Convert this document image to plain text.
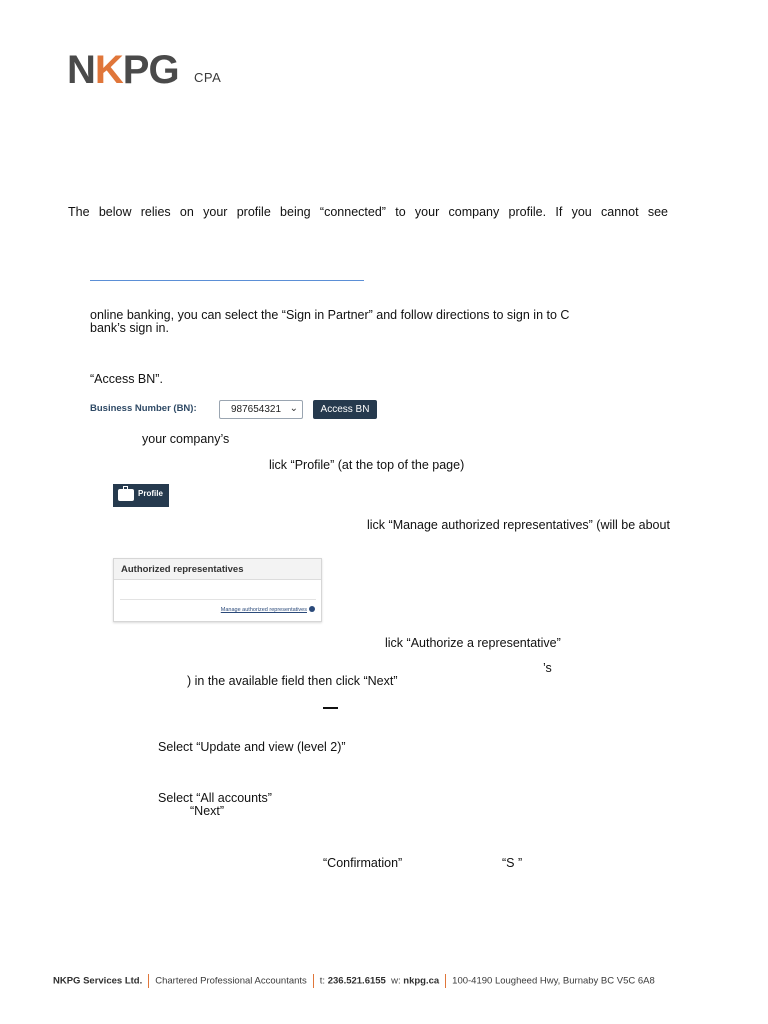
NKPG CPA
The below relies on your profile being “connected” to your company profile. If you cannot see
online banking, you can select the “Sign in Partner” and follow directions to sign in to C
bank’s sign in.
“Access BN”.
Business Number (BN):	987654321 ⌄	Access BN
your company’s
lick “Profile” (at the top of the page)
Profile
lick “Manage authorized representatives” (will be about
Authorized representatives
Manage authorized representatives
lick “Authorize a representative”
’s
) in the available field then click “Next”
Select “Update and view (level 2)”
Select “All accounts”
“Next”
“Confirmation”	“S ”
NKPG Services Ltd. Chartered Professional Accountants t: 236.521.6155 w: nkpg.ca 100-4190 Lougheed Hwy, Burnaby BC V5C 6A8
